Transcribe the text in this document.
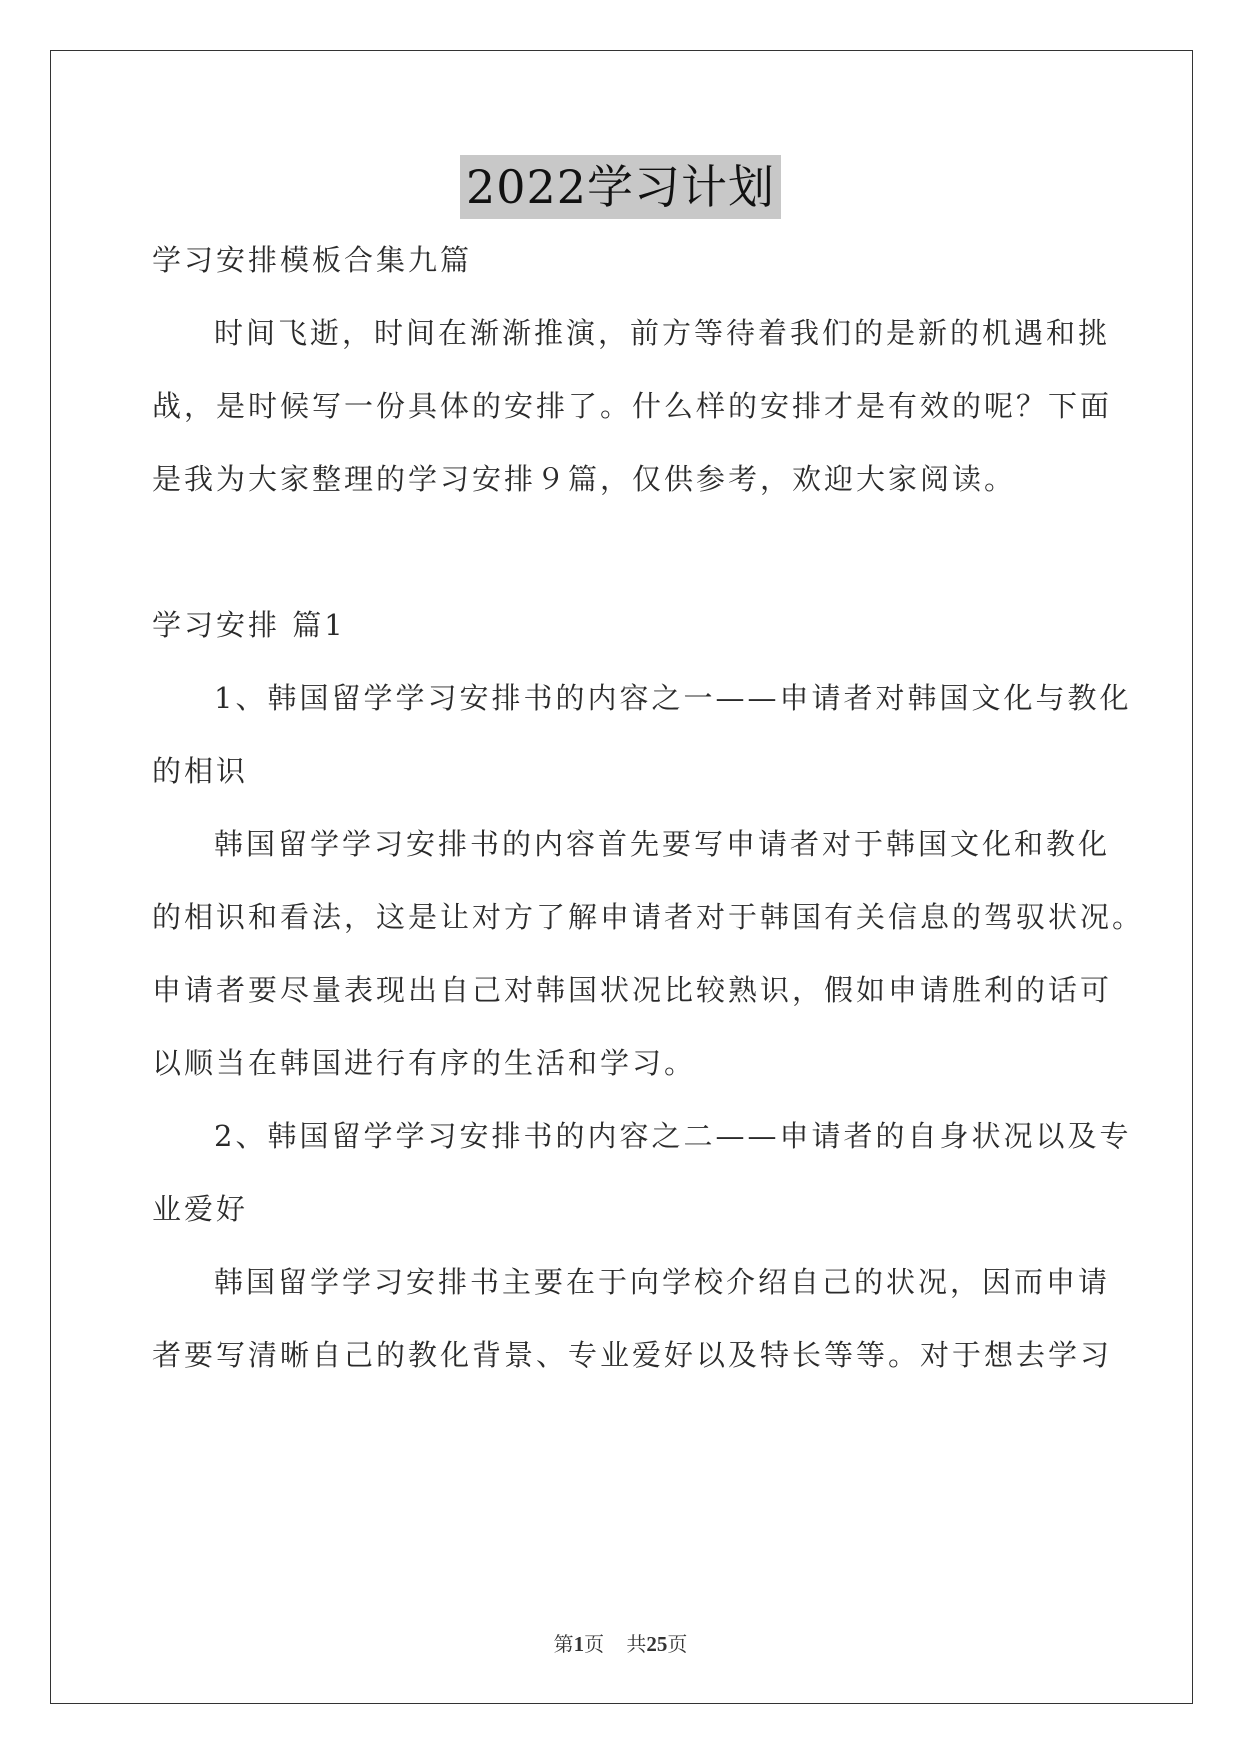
2022学习计划
学习安排模板合集九篇
时间飞逝，时间在渐渐推演，前方等待着我们的是新的机遇和挑
战，是时候写一份具体的安排了。什么样的安排才是有效的呢？下面
是我为大家整理的学习安排９篇，仅供参考，欢迎大家阅读。
学习安排 篇1
1、韩国留学学习安排书的内容之一——申请者对韩国文化与教化
的相识
韩国留学学习安排书的内容首先要写申请者对于韩国文化和教化
的相识和看法，这是让对方了解申请者对于韩国有关信息的驾驭状况。
申请者要尽量表现出自己对韩国状况比较熟识，假如申请胜利的话可
以顺当在韩国进行有序的生活和学习。
2、韩国留学学习安排书的内容之二——申请者的自身状况以及专
业爱好
韩国留学学习安排书主要在于向学校介绍自己的状况，因而申请
者要写清晰自己的教化背景、专业爱好以及特长等等。对于想去学习
第1页 共25页
